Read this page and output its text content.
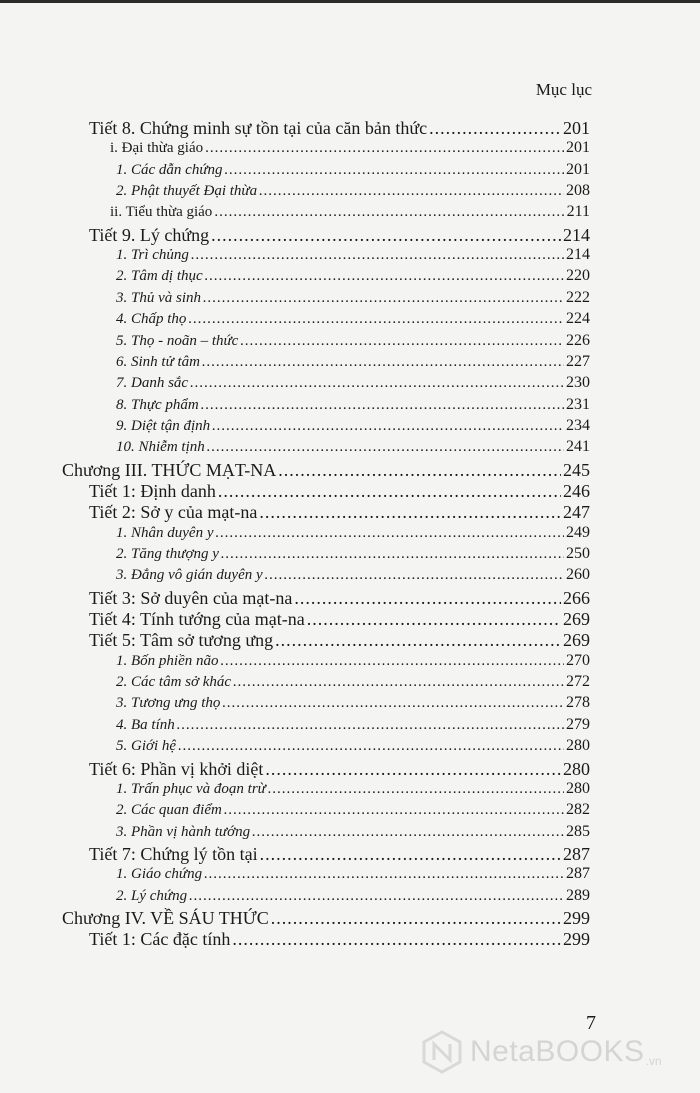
Mục lục
Tiết 8. Chứng minh sự tồn tại của căn bản thức .....	201
i. Đại thừa giáo .....	201
1. Các dẫn chứng .....	201
2. Phật thuyết Đại thừa .....	208
ii. Tiểu thừa giáo .....	211
Tiết 9. Lý chứng .....	214
1. Trì chủng .....	214
2. Tâm dị thục .....	220
3. Thủ và sinh .....	222
4. Chấp thọ .....	224
5. Thọ - noãn – thức .....	226
6. Sinh tử tâm .....	227
7. Danh sắc .....	230
8. Thực phẩm .....	231
9. Diệt tận định .....	234
10. Nhiễm tịnh .....	241
Chương III. THỨC MẠT-NA .....	245
Tiết 1: Định danh .....	246
Tiết 2: Sở y của mạt-na .....	247
1. Nhân duyên y .....	249
2. Tăng thượng y .....	250
3. Đẳng vô gián duyên y .....	260
Tiết 3: Sở duyên của mạt-na .....	266
Tiết 4: Tính tướng của mạt-na .....	269
Tiết 5: Tâm sở tương ưng .....	269
1. Bốn phiền não .....	270
2. Các tâm sở khác .....	272
3. Tương ưng thọ .....	278
4. Ba tính .....	279
5. Giới hệ .....	280
Tiết 6: Phần vị khởi diệt .....	280
1. Trấn phục và đoạn trừ .....	280
2. Các quan điểm .....	282
3. Phần vị hành tướng .....	285
Tiết 7: Chứng lý tồn tại .....	287
1. Giáo chứng .....	287
2. Lý chứng .....	289
Chương IV. VỀ SÁU THỨC .....	299
Tiết 1: Các đặc tính .....	299
7
NetaBOOKS .vn
